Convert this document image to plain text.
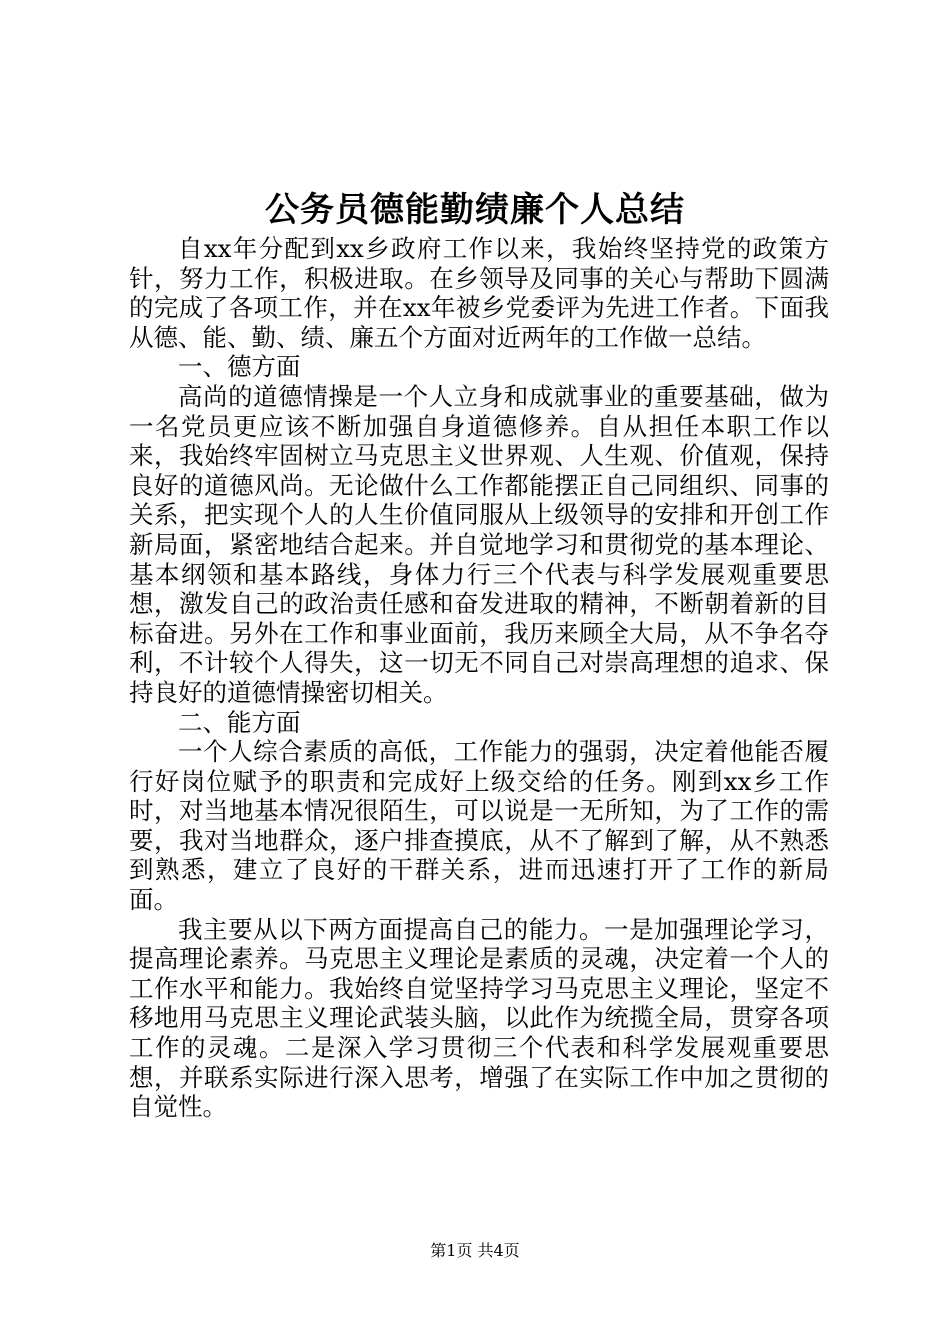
公务员德能勤绩廉个人总结

自xx年分配到xx乡政府工作以来，我始终坚持党的政策方针，努力工作，积极进取。在乡领导及同事的关心与帮助下圆满的完成了各项工作，并在xx年被乡党委评为先进工作者。下面我从德、能、勤、绩、廉五个方面对近两年的工作做一总结。

一、德方面

高尚的道德情操是一个人立身和成就事业的重要基础，做为一名党员更应该不断加强自身道德修养。自从担任本职工作以来，我始终牢固树立马克思主义世界观、人生观、价值观，保持良好的道德风尚。无论做什么工作都能摆正自己同组织、同事的关系，把实现个人的人生价值同服从上级领导的安排和开创工作新局面，紧密地结合起来。并自觉地学习和贯彻党的基本理论、基本纲领和基本路线，身体力行三个代表与科学发展观重要思想，激发自己的政治责任感和奋发进取的精神，不断朝着新的目标奋进。另外在工作和事业面前，我历来顾全大局，从不争名夺利，不计较个人得失，这一切无不同自己对崇高理想的追求、保持良好的道德情操密切相关。

二、能方面

一个人综合素质的高低，工作能力的强弱，决定着他能否履行好岗位赋予的职责和完成好上级交给的任务。刚到xx乡工作时，对当地基本情况很陌生，可以说是一无所知，为了工作的需要，我对当地群众，逐户排查摸底，从不了解到了解，从不熟悉到熟悉，建立了良好的干群关系，进而迅速打开了工作的新局面。

我主要从以下两方面提高自己的能力。一是加强理论学习，提高理论素养。马克思主义理论是素质的灵魂，决定着一个人的工作水平和能力。我始终自觉坚持学习马克思主义理论，坚定不移地用马克思主义理论武装头脑，以此作为统揽全局，贯穿各项工作的灵魂。二是深入学习贯彻三个代表和科学发展观重要思想，并联系实际进行深入思考，增强了在实际工作中加之贯彻的自觉性。

第1页 共4页
